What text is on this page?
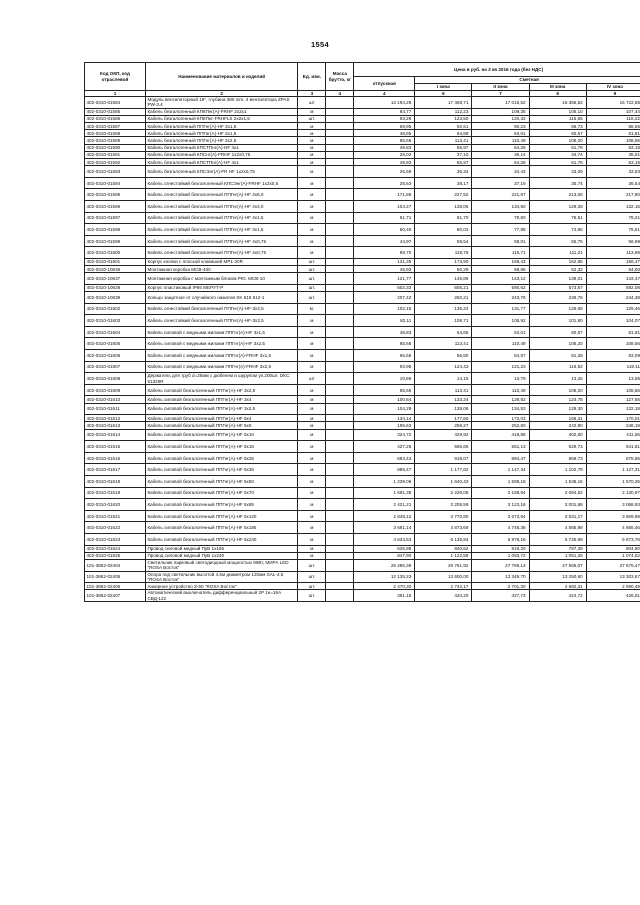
1554
Код ОКП, код отраслевой	Наименование материалов и изделий	Ед. изм.	Масса брутто, кг	Цена в руб. на 3 кв 2016 года (без НДС)				
				отпускная	Сметная			
					I зона	II зона	III зона	IV зона
1	2	3	4	4	6	7	8	9
402-0310-01584	Модуль вентиляторный 19", глубина 380 mm, 4 вентилятора ZPAS PW-3.4	шт		13 194,28	17 468,71	17 016,52	16 356,62	16 722,56
402-0310-01585	Кабель безгалогенный КПКПнг(А)-FRHF 2х2х1	м		84,77	112,23	109,35	105,10	107,44
402-0310-01586	Кабель безгалогенный КПКПнг-FRHFLS 2х2х1,5	шт.		93,28	123,50	120,32	115,65	118,22
402-0310-01587	Кабель безгалогенный ППГнг(А)-HF 3х1,5	м		69,95	92,61	90,23	86,73	88,65
402-0310-01588	Кабель безгалогенный ППГнг(А)-HF 3х1,5	м		48,85	64,68	63,01	60,57	61,91
402-0310-01589	Кабель безгалогенный ППГнг(А)-HF 3х2,5	м		85,66	113,41	110,49	106,20	108,56
402-0310-01590	Кабель безгалогенный КПСТПнг(А)-HF 4х1	м		49,83	65,97	64,28	61,78	63,15
402-0310-01591	Кабель безгалогенный КПСнг(А)-FRHF 1х2х0,75	м		28,02	37,10	36,14	34,74	35,51
402-0310-01592	Кабель безгалогенный КПСТПнг(А)-HF 4х1	м		49,83	65,97	64,28	61,78	63,15
402-0310-01593	Кабель безгалогенный КПСЭнг(А)-FR HF 1х2х0,75	м		26,69	35,34	34,43	33,09	33,83
402-0310-01594	Кабель огнестойкий безгалогенный КПСЭнг(А)-FRHF 1х2х0,5	м		28,63	38,17	37,19	35,74	36,54
402-0310-01595	Кабель огнестойкий безгалогенный ППГнг(А)-HF 4х6,0	м		171,86	227,52	221,67	213,06	217,80
402-0310-01596	Кабель огнестойкий безгалогенный ППГнг(А)-HF 4х4,0	м		104,27	138,05	134,50	129,28	132,15
402-0310-01597	Кабель огнестойкий безгалогенный ППГнг(А)-HF 4х1,5	м		61,71	81,70	79,60	76,51	78,21
402-0310-01598	Кабель огнестойкий безгалогенный ППГнг(А)-HF 3х1,5	м		60,45	80,03	77,98	74,95	76,61
402-0310-01599	Кабель огнестойкий безгалогенный ППГнг(А)-HF 4х0,75	м		44,97	59,54	58,01	55,75	56,99
402-0310-01600	Кабель огнестойкий безгалогенный ППГнг(А)-HF 4х0,75	м		89,70	118,76	115,71	111,21	113,69
402-0310-01601	Корпус кнопки с плоской клавишей MP1-20R	шт.		131,35	173,90	169,43	162,85	166,47
402-0310-10636	Монтажная коробка МСВ-400	шт.		45,93	60,29	58,86	52,32	54,00
402-0310-10637	Монтажная коробка с монтажным блоком РЮ. МСВ-10	шт.		121,77	146,89	143,12	139,01	143,47
402-0310-10638	Корпус пластиковый IP66 МЕРУТ-Р	шт.		502,33	606,21	590,62	573,67	592,08
402-0310-10639	Кольцо защитное от случайного нажатия SK 615 512-1	шт.		207,42	250,21	243,78	236,78	244,38
402-0310-01602	Кабель огнестойкий безгалогенный ППГнг(А)-HF-3х2,5	м.		102,15	135,24	131,77	126,65	129,46
402-0310-01603	Кабель огнестойкий безгалогенный ППГнг(А)-HF-3х2,5	м		82,11	108,71	105,92	101,80	104,07
402-0310-01604	Кабель силовой с медными жилами ППГнг(А)-HF 3х1,5	м		48,83	64,66	63,01	60,57	61,91
402-0310-01605	Кабель силовой с медными жилами ППГнг(А)-HF 3х2,5	м		85,66	113,41	110,49	106,20	108,56
402-0310-01606	Кабель силовой с медными жилами ППГнг(А)-FRHF 3х1,5	м		65,56	86,80	84,57	81,28	83,09
402-0310-01607	Кабель силовой с медными жилами ППГнг(А)-FRHF 3х2,5	м		93,98	124,43	121,23	116,52	119,11
402-0310-01608	Держатель для труб d=25мм с дюбелем и шурупом уп.200шт. DKC 51325R	шт		10,69	14,15	13,79	13,25	13,55
402-0310-01609	Кабель силовой безгалогенный ППГнг(А)-HF 3х2,5	м		85,66	113,41	110,49	106,20	108,56
402-0310-01610	Кабель силовой безгалогенный ППГнг(А)-HF 3х4	м		100,64	133,24	129,82	124,78	127,55
402-0310-01611	Кабель силовой безгалогенный ППГнг(А)-HF 3х2,5	м		104,29	138,08	134,53	129,30	132,18
402-0310-01612	Кабель силовой безгалогенный ППГнг(А)-HF 5х4	м		134,14	177,60	173,03	166,31	170,01
402-0310-01613	Кабель силовой безгалогенный ППГнг(А)-HF 5х6	м		195,63	259,27	252,60	242,80	248,19
402-0310-01614	Кабель силовой безгалогенный ППГнг(А)-HF 5х10	м		324,72	429,92	418,86	402,60	411,55
402-0310-01615	Кабель силовой безгалогенный ППГнг(А)-HF 5х16	м		427,26	565,66	551,13	529,73	541,51
402-0310-01616	Кабель силовой безгалогенный ППГнг(А)-HF 5х25	м		693,43	918,07	894,47	859,73	878,85
402-0310-01617	Кабель силовой безгалогенный ППГнг(А)-HF 5х35	м		889,47	1 177,62	1 147,34	1 102,79	1 127,31
402-0310-01618	Кабель силовой безгалогенный ППГнг(А)-HF 5х50	м		1 239,06	1 640,43	1 598,18	1 536,16	1 570,25
402-0310-01619	Кабель силовой безгалогенный ППГнг(А)-HF 5х70	м		1 681,38	2 226,08	2 158,84	2 084,62	2 130,97
402-0310-01620	Кабель силовой безгалогенный ППГнг(А)-HF 5х95	м		2 421,21	3 205,59	3 123,16	3 001,88	3 068,63
402-0310-01621	Кабель силовой безгалогенный ППГнг(А)-HF 5х120	м		2 848,12	3 770,80	3 673,84	3 531,17	3 609,69
402-0310-01622	Кабель силовой безгалогенный ППГнг(А)-HF 5х185	м		3 691,14	4 873,69	4 748,36	4 565,98	4 665,46
402-0310-01623	Кабель силовой безгалогенный ППГнг(А)-HF 5х240	м		4 634,53	6 135,94	5 978,16	5 745,99	5 873,76
402-0310-01624	Провод силовой медный ПуВ 1х185	м		635,98	840,62	819,20	787,39	804,90
402-0310-01625	Провод силовой медный ПуВ 1х240	м		847,90	1 122,59	1 093,72	1 051,25	1 074,62
101-3862-02404	Светильник парковый светодиодный мощностью 96Вт, МИРА LED "ROSA Восток"	шт.		25 285,39	28 761,92	27 769,13	27 565,07	27 675,47
101-3862-02405	Опора под светильник высотой 4,5м диаметром 120мм SAL-4,5 "ROSA Восток"	шт.		12 135,23	13 600,00	13 349,70	13 250,60	13 303,67
101-3862-02406	Анкерное устройство Z-50 "ROSA Восток"	шт.		2 470,30	2 742,17	2 701,30	2 682,31	2 690,49
101-3862-02407	Автоматический выключатель дифференциальный 2P 1н=16А СВД-122	шт.		391,15	434,20	427,73	424,72	426,01
